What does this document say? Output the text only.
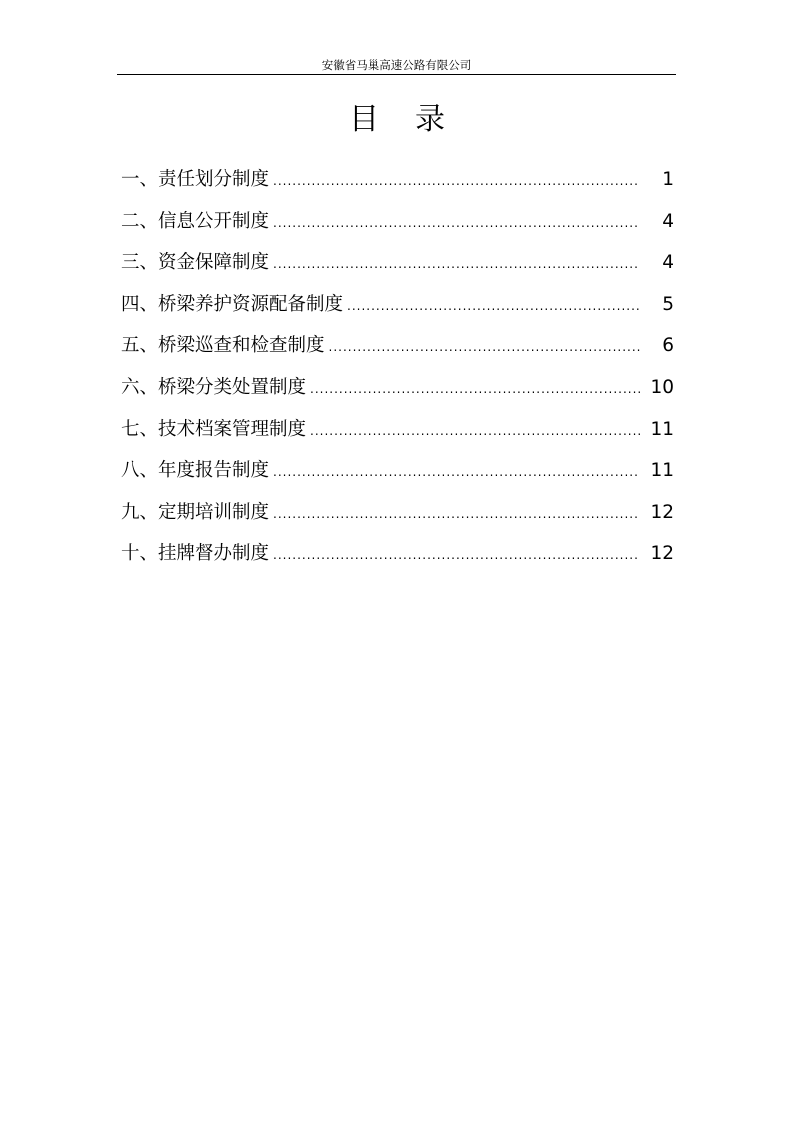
安徽省马巢高速公路有限公司
目录
一、责任划分制度 .....	1
二、信息公开制度 .....	4
三、资金保障制度 .....	4
四、桥梁养护资源配备制度 .....	5
五、桥梁巡查和检查制度 .....	6
六、桥梁分类处置制度 .....	10
七、技术档案管理制度 .....	11
八、年度报告制度 .....	11
九、定期培训制度 .....	12
十、挂牌督办制度 .....	12
